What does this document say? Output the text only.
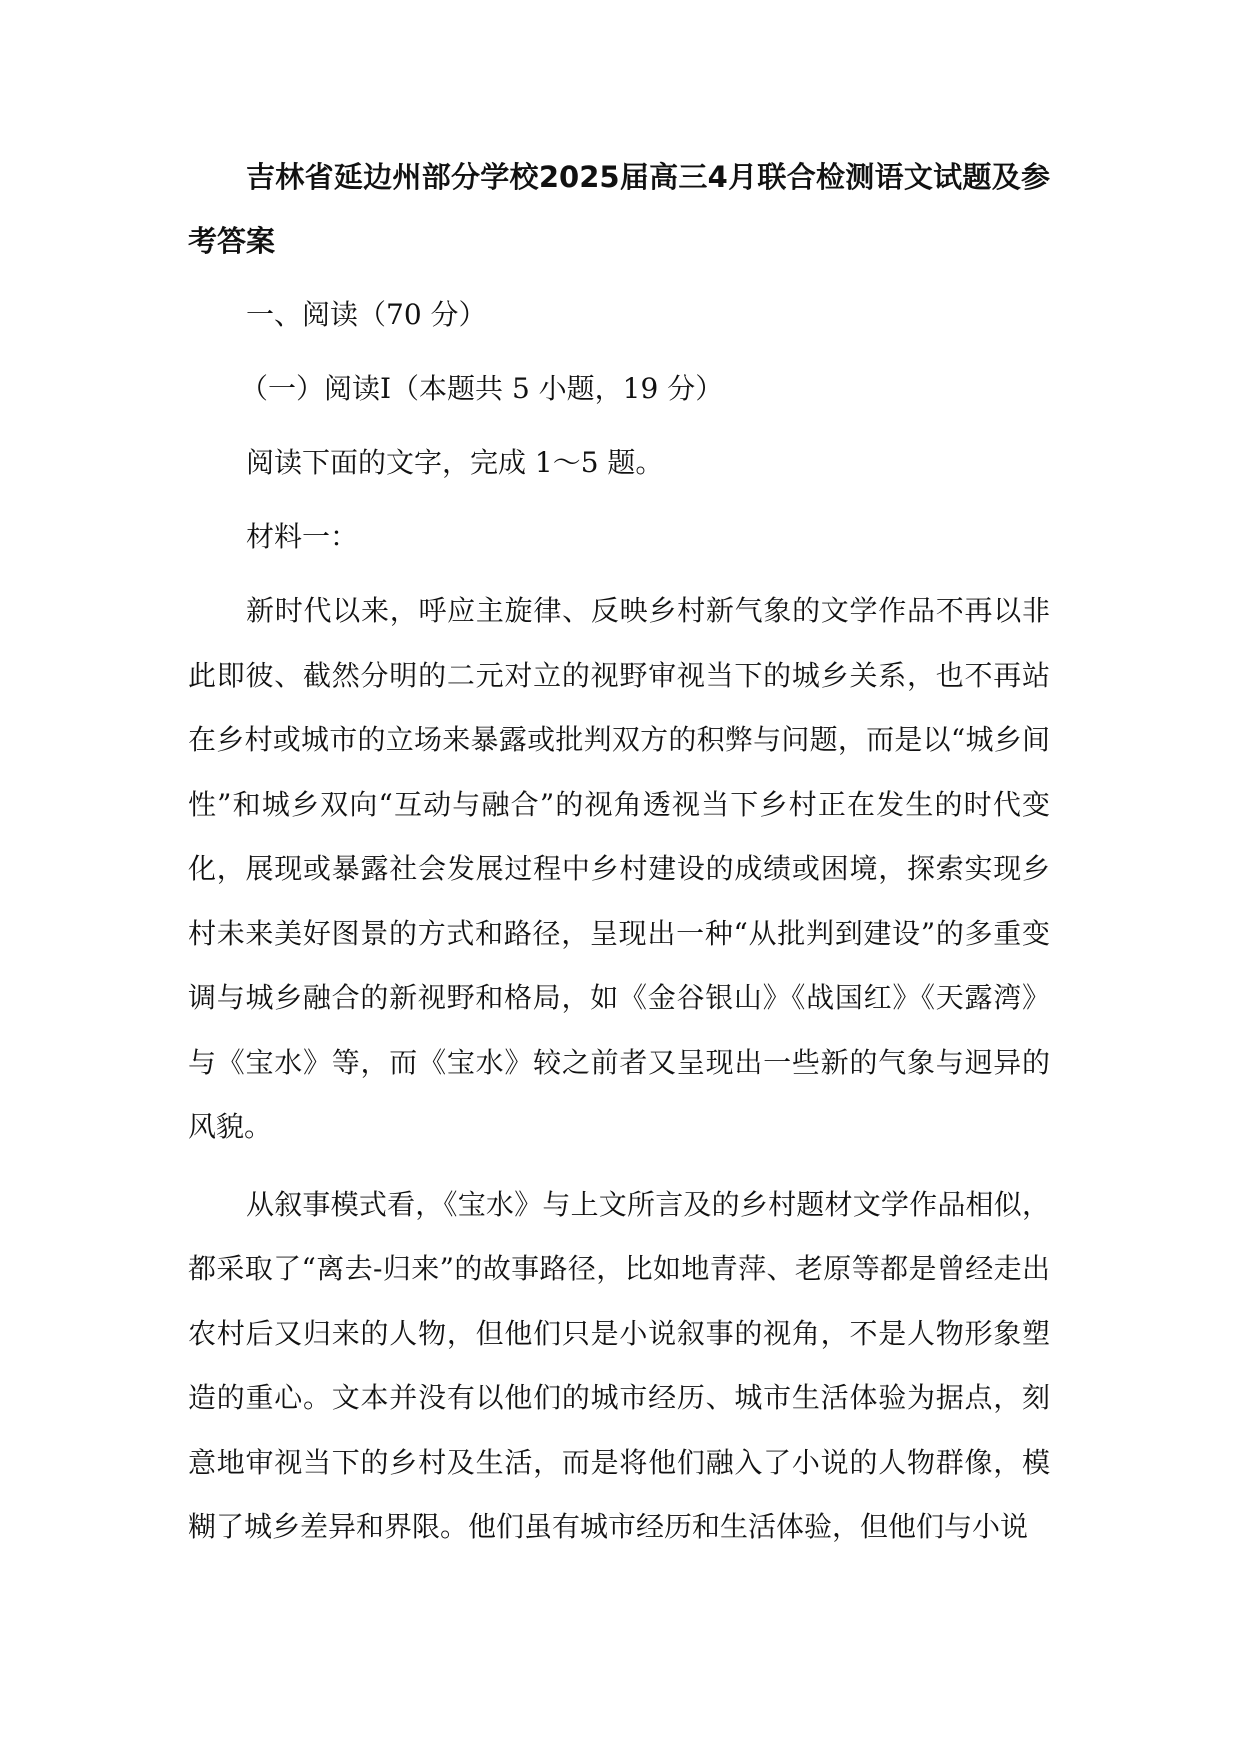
吉林省延边州部分学校2025届高三4月联合检测语文试题及参考答案

一、阅读（70 分）

（一）阅读Ⅰ（本题共 5 小题，19 分）

阅读下面的文字，完成 1～5 题。

材料一：

新时代以来，呼应主旋律、反映乡村新气象的文学作品不再以非此即彼、截然分明的二元对立的视野审视当下的城乡关系，也不再站在乡村或城市的立场来暴露或批判双方的积弊与问题，而是以“城乡间性”和城乡双向“互动与融合”的视角透视当下乡村正在发生的时代变化，展现或暴露社会发展过程中乡村建设的成绩或困境，探索实现乡村未来美好图景的方式和路径，呈现出一种“从批判到建设”的多重变调与城乡融合的新视野和格局，如《金谷银山》《战国红》《天露湾》与《宝水》等，而《宝水》较之前者又呈现出一些新的气象与迥异的风貌。

从叙事模式看，《宝水》与上文所言及的乡村题材文学作品相似，都采取了“离去-归来”的故事路径，比如地青萍、老原等都是曾经走出农村后又归来的人物，但他们只是小说叙事的视角，不是人物形象塑造的重心。文本并没有以他们的城市经历、城市生活体验为据点，刻意地审视当下的乡村及生活，而是将他们融入了小说的人物群像，模糊了城乡差异和界限。他们虽有城市经历和生活体验，但他们与小说
